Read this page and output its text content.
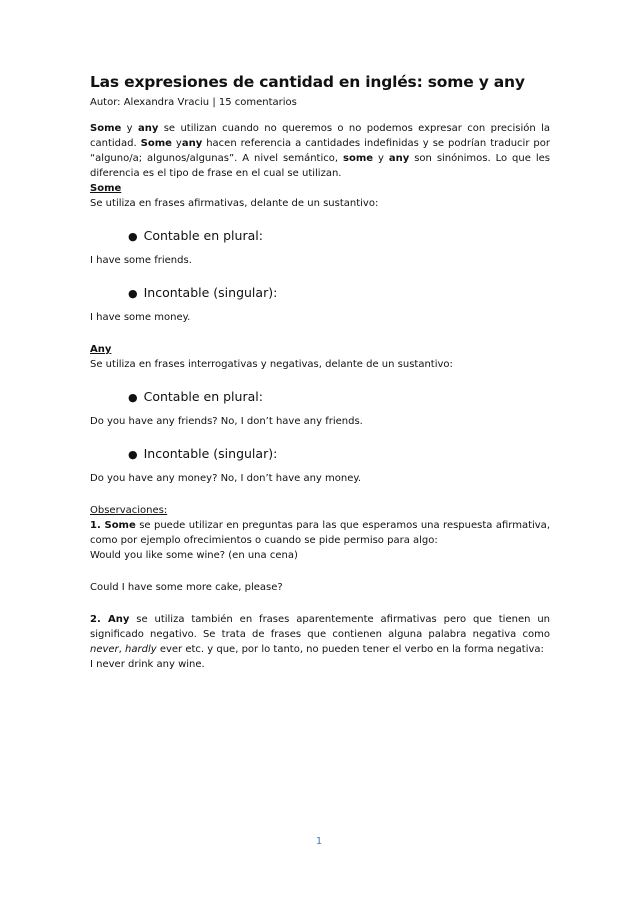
Las expresiones de cantidad en inglés: some y any
Autor: Alexandra Vraciu | 15 comentarios

Some y any se utilizan cuando no queremos o no podemos expresar con precisión la cantidad. Some yany hacen referencia a cantidades indefinidas y se podrían traducir por “alguno/a; algunos/algunas”. A nivel semántico, some y any son sinónimos. Lo que les diferencia es el tipo de frase en el cual se utilizan.

Some

Se utiliza en frases afirmativas, delante de un sustantivo:

● Contable en plural:

I have some friends.

● Incontable (singular):

I have some money.

Any

Se utiliza en frases interrogativas y negativas, delante de un sustantivo:

● Contable en plural:

Do you have any friends? No, I don’t have any friends.

● Incontable (singular):

Do you have any money? No, I don’t have any money.

Observaciones:

1. Some se puede utilizar en preguntas para las que esperamos una respuesta afirmativa, como por ejemplo ofrecimientos o cuando se pide permiso para algo:

Would you like some wine? (en una cena)

Could I have some more cake, please?

2. Any se utiliza también en frases aparentemente afirmativas pero que tienen un significado negativo. Se trata de frases que contienen alguna palabra negativa como never, hardly ever etc. y que, por lo tanto, no pueden tener el verbo en la forma negativa:

I never drink any wine.

1
